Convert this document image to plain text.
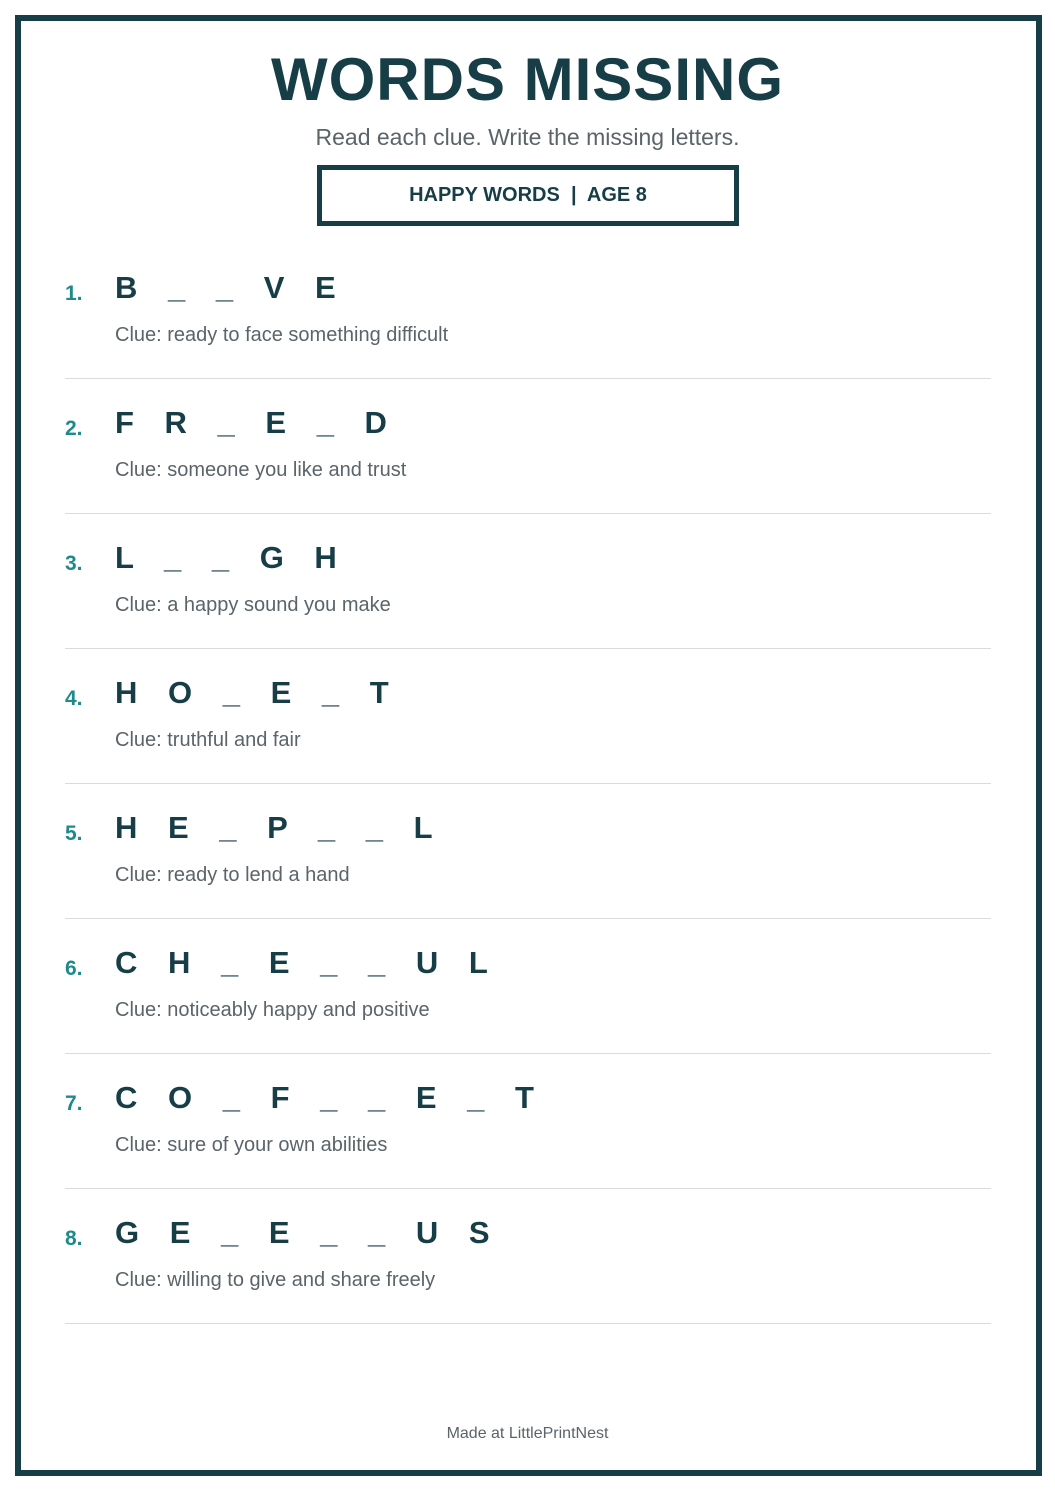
WORDS MISSING
Read each clue. Write the missing letters.
HAPPY WORDS  |  AGE 8
1. B _ _ V E
Clue: ready to face something difficult
2. F R _ E _ D
Clue: someone you like and trust
3. L _ _ G H
Clue: a happy sound you make
4. H O _ E _ T
Clue: truthful and fair
5. H E _ P _ _ L
Clue: ready to lend a hand
6. C H _ E _ _ U L
Clue: noticeably happy and positive
7. C O _ F _ _ E _ T
Clue: sure of your own abilities
8. G E _ E _ _ U S
Clue: willing to give and share freely
Made at LittlePrintNest
